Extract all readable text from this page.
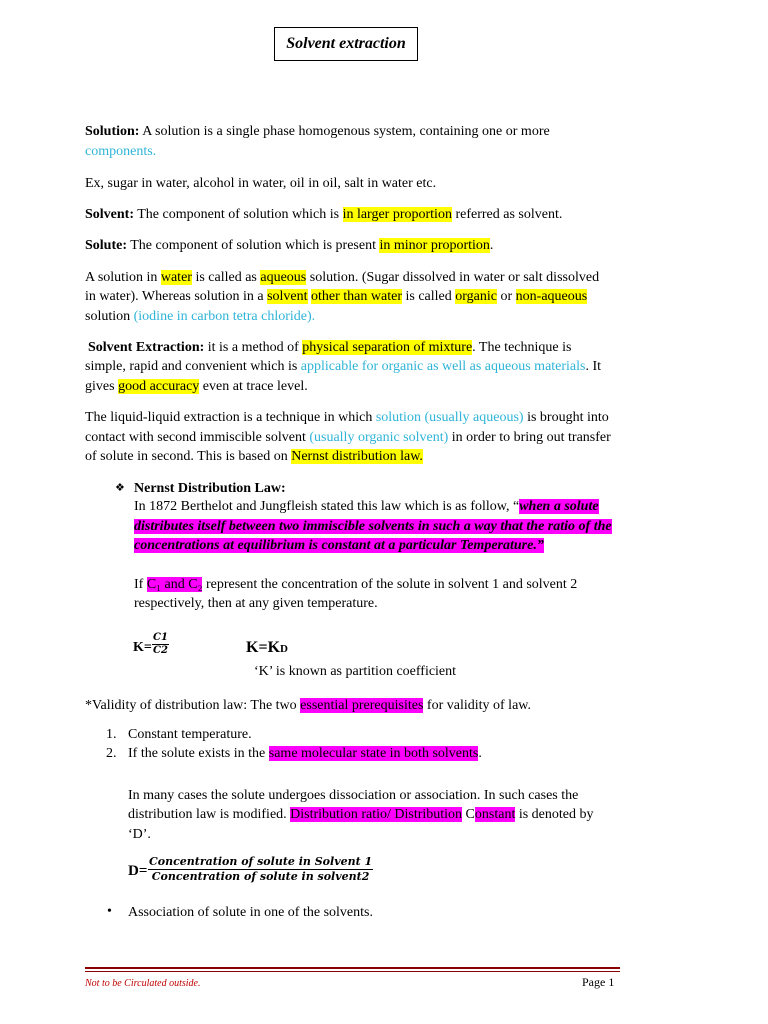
Solvent extraction
Solution: A solution is a single phase homogenous system, containing one or more
components.
Ex, sugar in water, alcohol in water, oil in oil, salt in water etc.
Solvent: The component of solution which is in larger proportion referred as solvent.
Solute: The component of solution which is present in minor proportion.
A solution in water is called as aqueous solution. (Sugar dissolved in water or salt dissolved
in water). Whereas solution in a solvent other than water is called organic or non-aqueous
solution (iodine in carbon tetra chloride).
Solvent Extraction: it is a method of physical separation of mixture. The technique is
simple, rapid and convenient which is applicable for organic as well as aqueous materials. It
gives good accuracy even at trace level.
The liquid-liquid extraction is a technique in which solution (usually aqueous) is brought into
contact with second immiscible solvent (usually organic solvent) in order to bring out transfer
of solute in second. This is based on Nernst distribution law.
❖ Nernst Distribution Law:
In 1872 Berthelot and Jungfleish stated this law which is as follow, “when a solute
distributes itself between two immiscible solvents in such a way that the ratio of the
concentrations at equilibrium is constant at a particular Temperature.”
If C₁ and C₂ represent the concentration of the solute in solvent 1 and solvent 2
respectively, then at any given temperature.
$K= \frac{C1}{C2}$	K=KD
‘K’ is known as partition coefficient
*Validity of distribution law: The two essential prerequisites for validity of law.
1. Constant temperature.
2. If the solute exists in the same molecular state in both solvents.
In many cases the solute undergoes dissociation or association. In such cases the
distribution law is modified. Distribution ratio/ Distribution Constant is denoted by
‘D’.
D=
Concentration of solute in Solvent 1
Concentration of solute in solvent2
• Association of solute in one of the solvents.
Not to be Circulated outside.	Page 1
